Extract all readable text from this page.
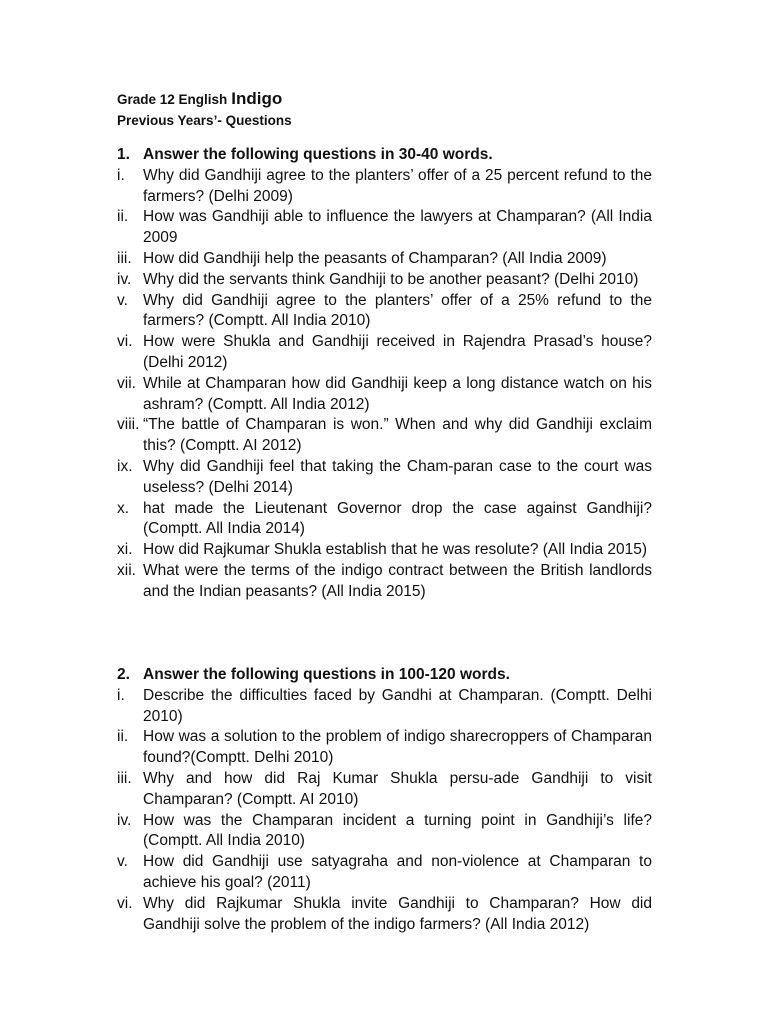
Grade 12 English Indigo
Previous Years’- Questions
1. Answer the following questions in 30-40 words.
i.	Why did Gandhiji agree to the planters’ offer of a 25 percent refund to the farmers? (Delhi 2009)
ii. How was Gandhiji able to influence the lawyers at Champaran? (All India 2009
iii. How did Gandhiji help the peasants of Champaran? (All India 2009)
iv. Why did the servants think Gandhiji to be another peasant? (Delhi 2010)
v. Why did Gandhiji agree to the planters’ offer of a 25% refund to the farmers? (Comptt. All India 2010)
vi. How were Shukla and Gandhiji received in Rajendra Prasad’s house? (Delhi 2012)
vii. While at Champaran how did Gandhiji keep a long distance watch on his ashram? (Comptt. All India 2012)
viii. “The battle of Champaran is won.” When and why did Gandhiji exclaim this? (Comptt. AI 2012)
ix. Why did Gandhiji feel that taking the Cham-paran case to the court was useless? (Delhi 2014)
x. hat made the Lieutenant Governor drop the case against Gandhiji? (Comptt. All India 2014)
xi. How did Rajkumar Shukla establish that he was resolute? (All India 2015)
xii. What were the terms of the indigo contract between the British landlords and the Indian peasants? (All India 2015)
2. Answer the following questions in 100-120 words.
i.	Describe the difficulties faced by Gandhi at Champaran. (Comptt. Delhi 2010)
ii. How was a solution to the problem of indigo sharecroppers of Champaran found?(Comptt. Delhi 2010)
iii. Why and how did Raj Kumar Shukla persu-ade Gandhiji to visit Champaran? (Comptt. AI 2010)
iv. How was the Champaran incident a turning point in Gandhiji’s life? (Comptt. All India 2010)
v. How did Gandhiji use satyagraha and non-violence at Champaran to achieve his goal? (2011)
vi. Why did Rajkumar Shukla invite Gandhiji to Champaran? How did Gandhiji solve the problem of the indigo farmers? (All India 2012)
